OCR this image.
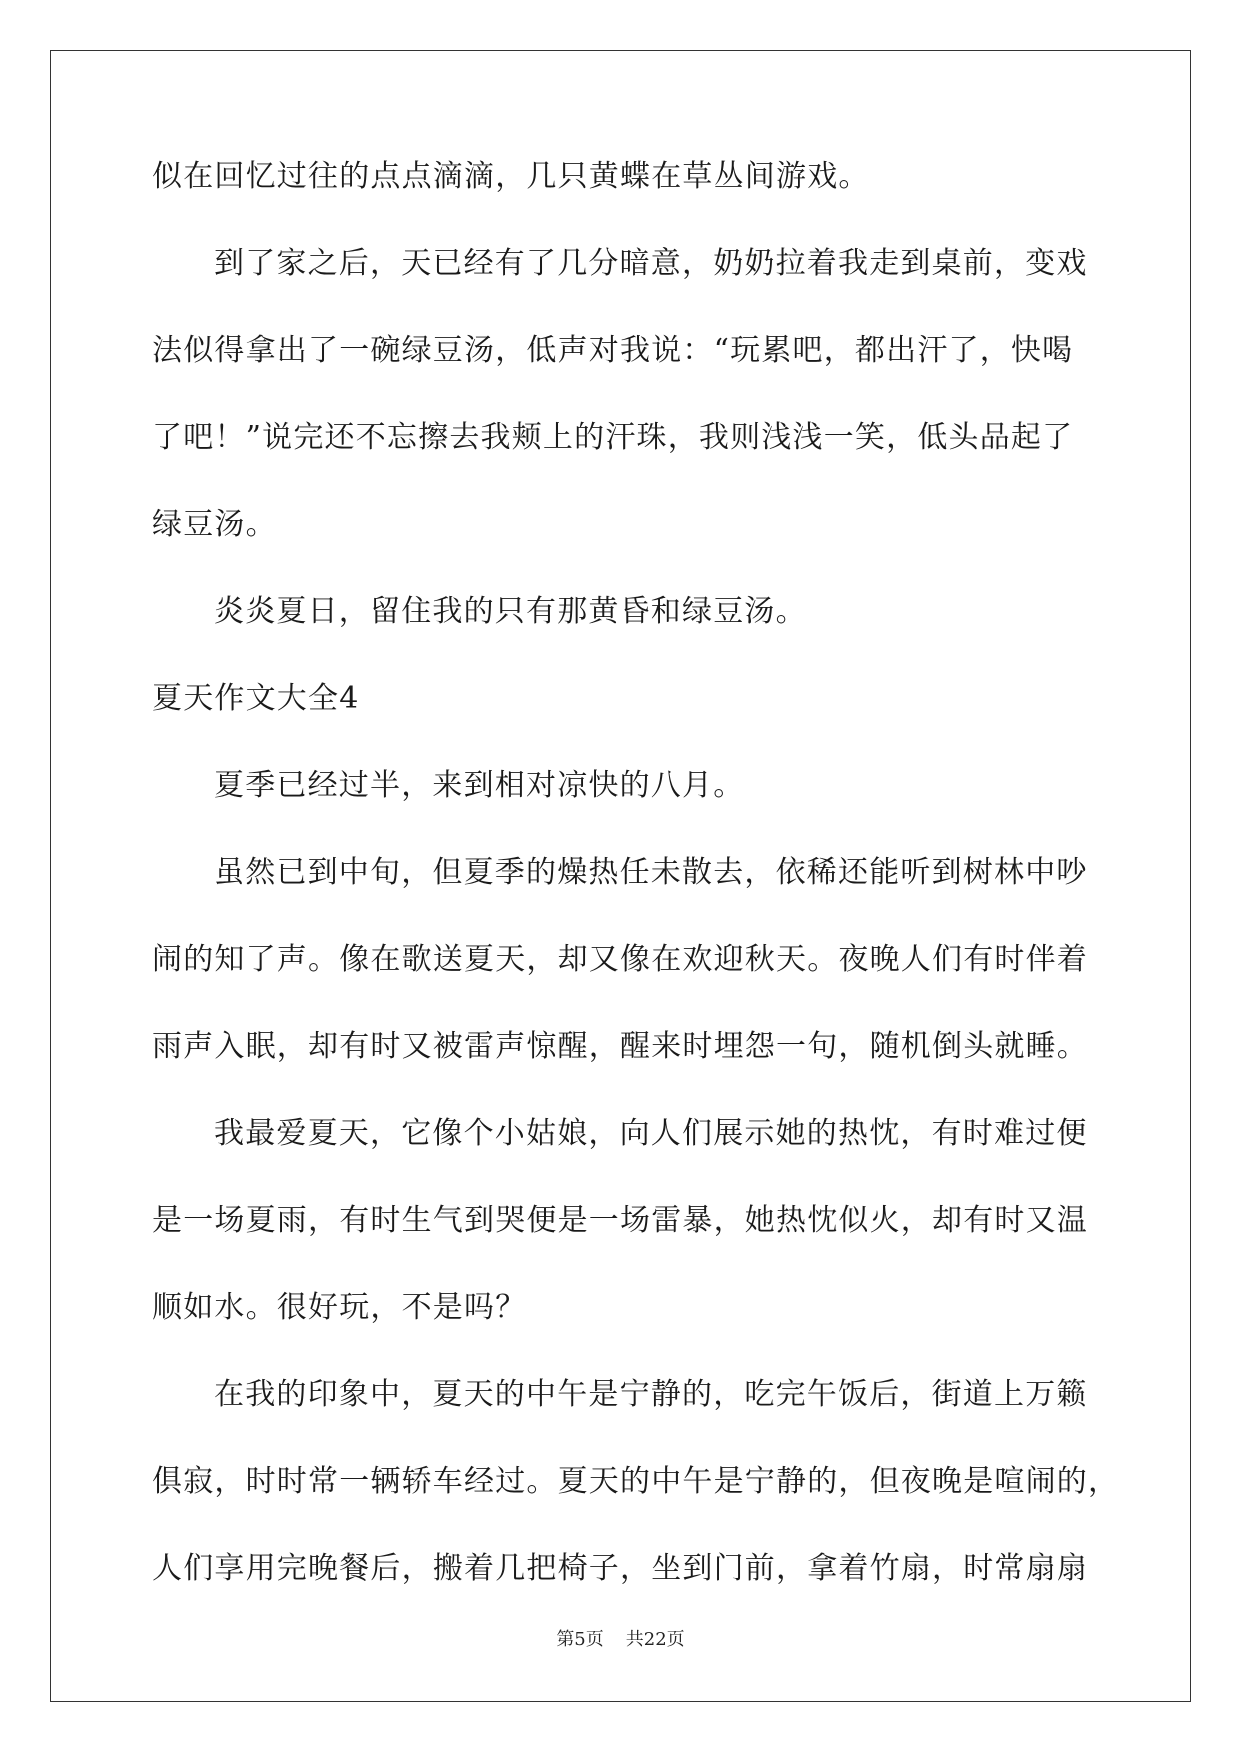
似在回忆过往的点点滴滴，几只黄蝶在草丛间游戏。
到了家之后，天已经有了几分暗意，奶奶拉着我走到桌前，变戏
法似得拿出了一碗绿豆汤，低声对我说：“玩累吧，都出汗了，快喝
了吧！”说完还不忘擦去我颊上的汗珠，我则浅浅一笑，低头品起了
绿豆汤。
炎炎夏日，留住我的只有那黄昏和绿豆汤。
夏天作文大全4
夏季已经过半，来到相对凉快的八月。
虽然已到中旬，但夏季的燥热任未散去，依稀还能听到树林中吵
闹的知了声。像在歌送夏天，却又像在欢迎秋天。夜晚人们有时伴着
雨声入眠，却有时又被雷声惊醒，醒来时埋怨一句，随机倒头就睡。
我最爱夏天，它像个小姑娘，向人们展示她的热忱，有时难过便
是一场夏雨，有时生气到哭便是一场雷暴，她热忱似火，却有时又温
顺如水。很好玩，不是吗？
在我的印象中，夏天的中午是宁静的，吃完午饭后，街道上万籁
俱寂，时时常一辆轿车经过。夏天的中午是宁静的，但夜晚是喧闹的，
人们享用完晚餐后，搬着几把椅子，坐到门前，拿着竹扇，时常扇扇
第5页 共22页
